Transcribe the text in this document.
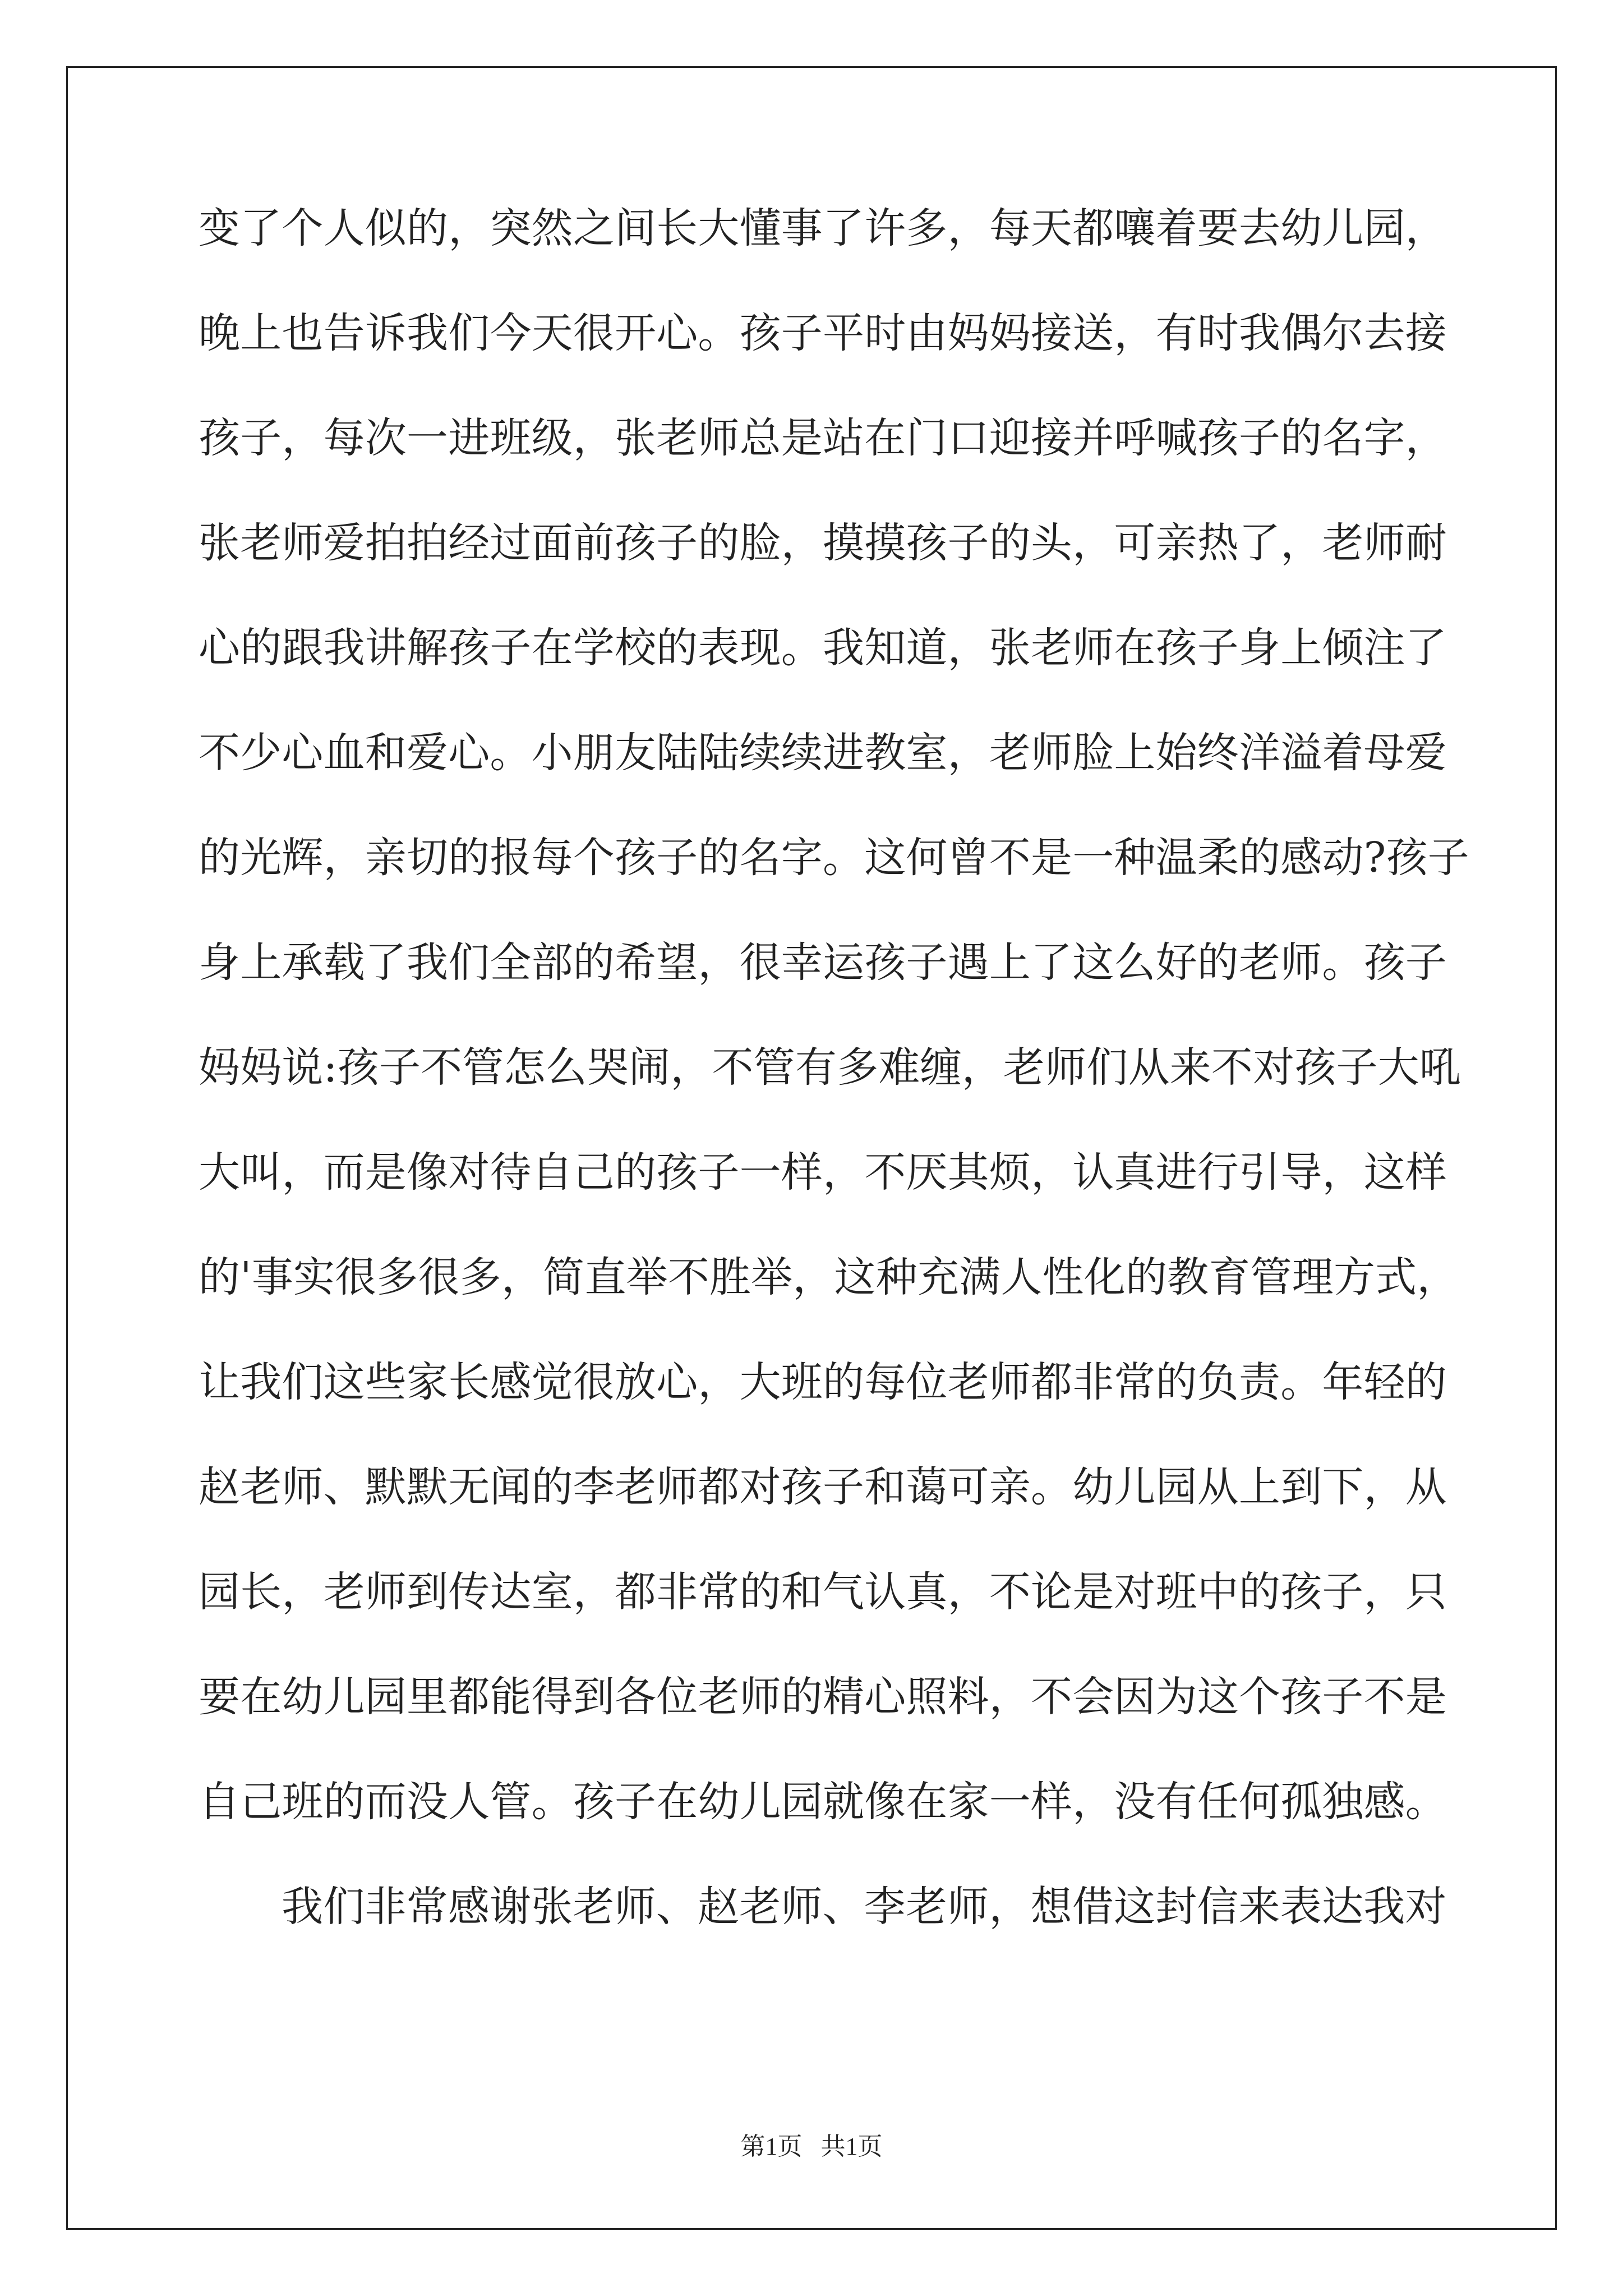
变了个人似的，突然之间长大懂事了许多，每天都嚷着要去幼儿园，
晚上也告诉我们今天很开心。孩子平时由妈妈接送，有时我偶尔去接
孩子，每次一进班级，张老师总是站在门口迎接并呼喊孩子的名字，
张老师爱拍拍经过面前孩子的脸，摸摸孩子的头，可亲热了，老师耐
心的跟我讲解孩子在学校的表现。我知道，张老师在孩子身上倾注了
不少心血和爱心。小朋友陆陆续续进教室，老师脸上始终洋溢着母爱
的光辉，亲切的报每个孩子的名字。这何曾不是一种温柔的感动?孩子
身上承载了我们全部的希望，很幸运孩子遇上了这么好的老师。孩子
妈妈说:孩子不管怎么哭闹，不管有多难缠，老师们从来不对孩子大吼
大叫，而是像对待自己的孩子一样，不厌其烦，认真进行引导，这样
的'事实很多很多，简直举不胜举，这种充满人性化的教育管理方式，
让我们这些家长感觉很放心，大班的每位老师都非常的负责。年轻的
赵老师、默默无闻的李老师都对孩子和蔼可亲。幼儿园从上到下，从
园长，老师到传达室，都非常的和气认真，不论是对班中的孩子，只
要在幼儿园里都能得到各位老师的精心照料，不会因为这个孩子不是
自己班的而没人管。孩子在幼儿园就像在家一样，没有任何孤独感。
我们非常感谢张老师、赵老师、李老师，想借这封信来表达我对
第1页   共1页
